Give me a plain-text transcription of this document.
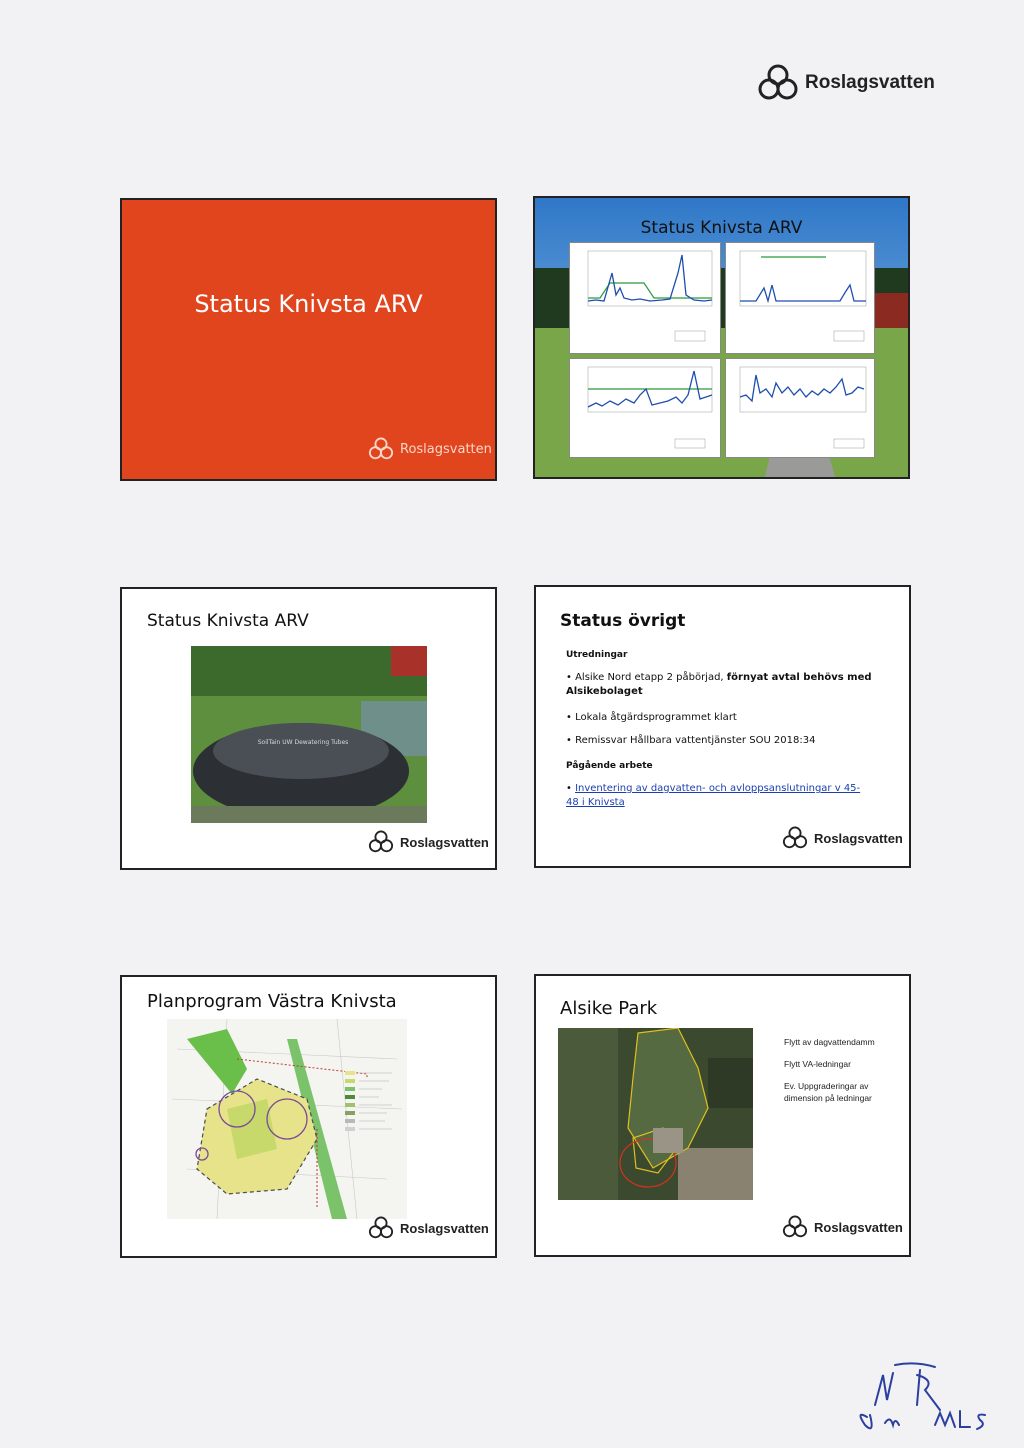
Roslagsvatten
Status Knivsta ARV
Roslagsvatten
Status Knivsta ARV
Status Knivsta ARV
SoilTain UW Dewatering Tubes
Roslagsvatten
Status övrigt
Utredningar
• Alsike Nord etapp 2 påbörjad, förnyat avtal behövs med Alsikebolaget
• Lokala åtgärdsprogrammet klart
• Remissvar Hållbara vattentjänster SOU 2018:34
Pågående arbete
• Inventering av dagvatten- och avloppsanslutningar v 45-48 i Knivsta
Roslagsvatten
Planprogram Västra Knivsta
Roslagsvatten
Alsike Park
Flytt av dagvattendamm
Flytt VA-ledningar
Ev. Uppgraderingar av dimension på ledningar
Roslagsvatten
